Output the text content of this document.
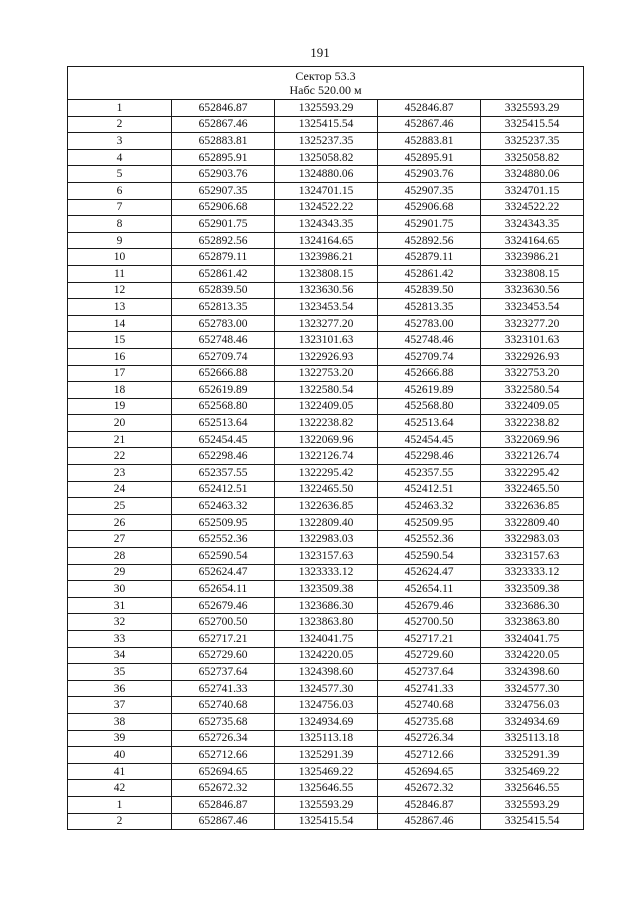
191
Сектор 53.3
Набс 520.00 м				

1	652846.87	1325593.29	452846.87	3325593.29
2	652867.46	1325415.54	452867.46	3325415.54
3	652883.81	1325237.35	452883.81	3325237.35
4	652895.91	1325058.82	452895.91	3325058.82
5	652903.76	1324880.06	452903.76	3324880.06
6	652907.35	1324701.15	452907.35	3324701.15
7	652906.68	1324522.22	452906.68	3324522.22
8	652901.75	1324343.35	452901.75	3324343.35
9	652892.56	1324164.65	452892.56	3324164.65
10	652879.11	1323986.21	452879.11	3323986.21
11	652861.42	1323808.15	452861.42	3323808.15
12	652839.50	1323630.56	452839.50	3323630.56
13	652813.35	1323453.54	452813.35	3323453.54
14	652783.00	1323277.20	452783.00	3323277.20
15	652748.46	1323101.63	452748.46	3323101.63
16	652709.74	1322926.93	452709.74	3322926.93
17	652666.88	1322753.20	452666.88	3322753.20
18	652619.89	1322580.54	452619.89	3322580.54
19	652568.80	1322409.05	452568.80	3322409.05
20	652513.64	1322238.82	452513.64	3322238.82
21	652454.45	1322069.96	452454.45	3322069.96
22	652298.46	1322126.74	452298.46	3322126.74
23	652357.55	1322295.42	452357.55	3322295.42
24	652412.51	1322465.50	452412.51	3322465.50
25	652463.32	1322636.85	452463.32	3322636.85
26	652509.95	1322809.40	452509.95	3322809.40
27	652552.36	1322983.03	452552.36	3322983.03
28	652590.54	1323157.63	452590.54	3323157.63
29	652624.47	1323333.12	452624.47	3323333.12
30	652654.11	1323509.38	452654.11	3323509.38
31	652679.46	1323686.30	452679.46	3323686.30
32	652700.50	1323863.80	452700.50	3323863.80
33	652717.21	1324041.75	452717.21	3324041.75
34	652729.60	1324220.05	452729.60	3324220.05
35	652737.64	1324398.60	452737.64	3324398.60
36	652741.33	1324577.30	452741.33	3324577.30
37	652740.68	1324756.03	452740.68	3324756.03
38	652735.68	1324934.69	452735.68	3324934.69
39	652726.34	1325113.18	452726.34	3325113.18
40	652712.66	1325291.39	452712.66	3325291.39
41	652694.65	1325469.22	452694.65	3325469.22
42	652672.32	1325646.55	452672.32	3325646.55
1	652846.87	1325593.29	452846.87	3325593.29
2	652867.46	1325415.54	452867.46	3325415.54
